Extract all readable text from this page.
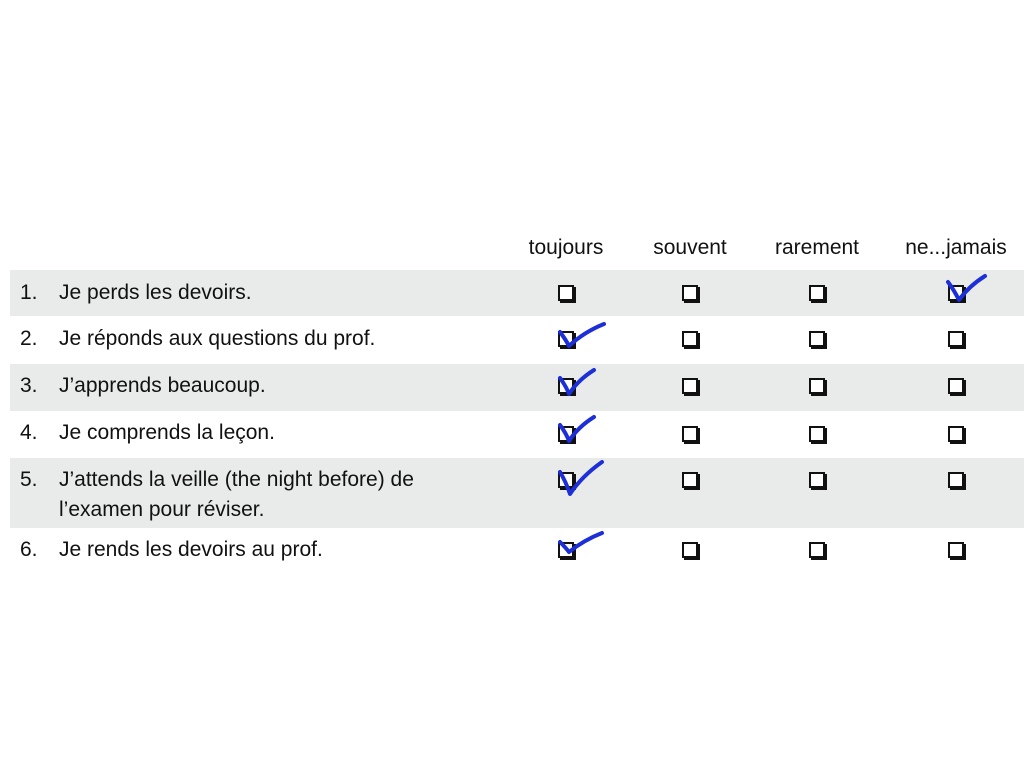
toujours souvent rarement ne...jamais
1. Je perds les devoirs.
2. Je réponds aux questions du prof.
3. J’apprends beaucoup.
4. Je comprends la leçon.
5. J’attends la veille (the night before) de
l’examen pour réviser.
6. Je rends les devoirs au prof.
